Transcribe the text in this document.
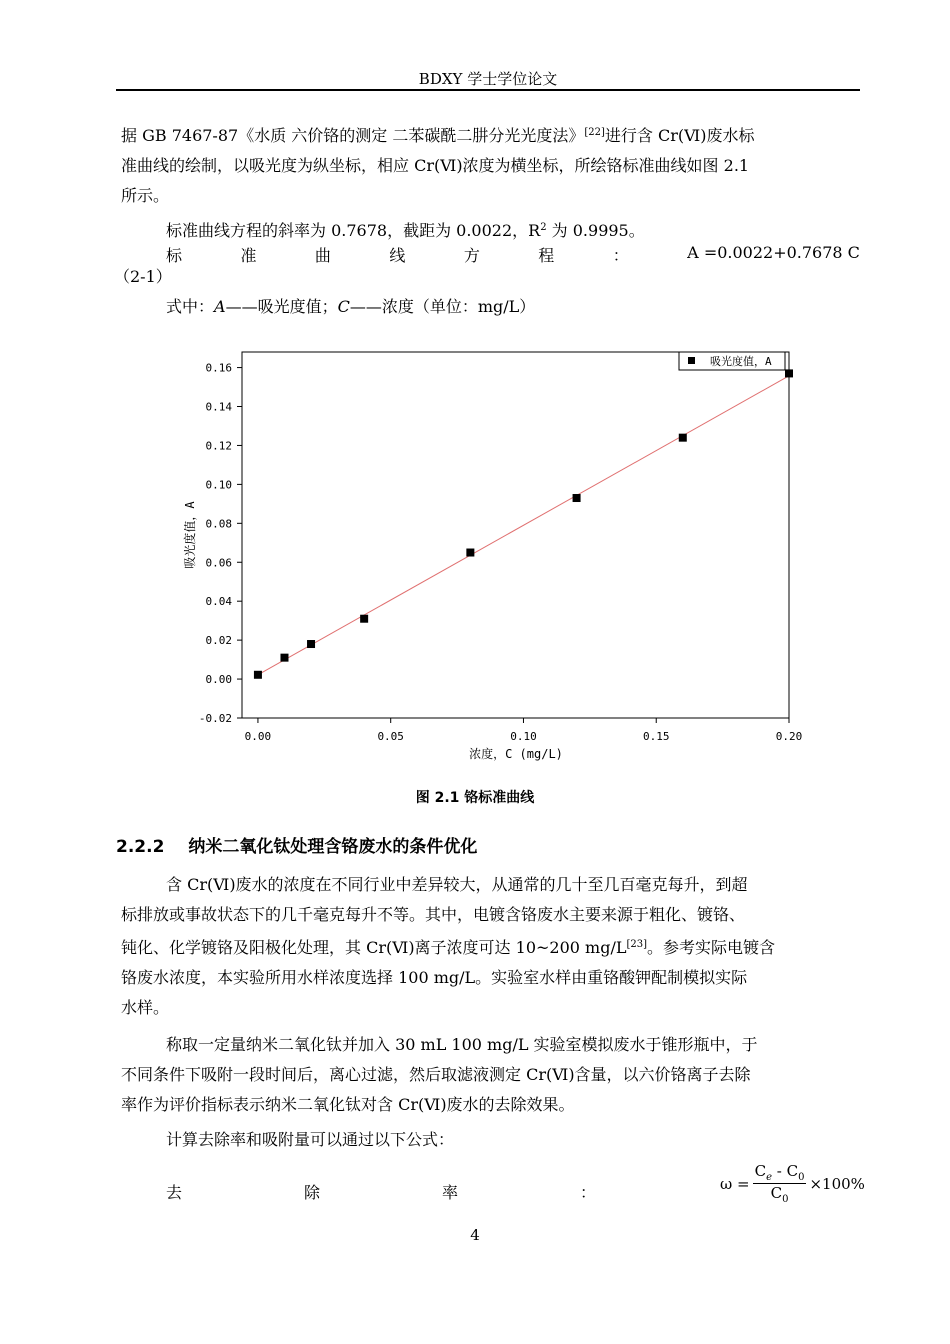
BDXY 学士学位论文
据 GB 7467-87《水质 六价铬的测定 二苯碳酰二肼分光光度法》[22]进行含 Cr(Ⅵ)废水标
准曲线的绘制，以吸光度为纵坐标，相应 Cr(Ⅵ)浓度为横坐标，所绘铬标准曲线如图 2.1
所示。
标准曲线方程的斜率为 0.7678，截距为 0.0022，$R^2$ 为 0.9995。
标	准	曲	线	方	程	：	A =0.0022+0.7678 C
（2-1）
式中：A——吸光度值；C——浓度（单位：mg/L）
-0.02
0.00
0.02
0.04
0.06
0.08
0.10
0.12
0.14
0.16
0.00	0.05	0.10	0.15	0.20
吸光度值，A
浓度，C (mg/L)
吸光度值，A
图 2.1 铬标准曲线
2.2.2 纳米二氧化钛处理含铬废水的条件优化
含 Cr(Ⅵ)废水的浓度在不同行业中差异较大，从通常的几十至几百毫克每升，到超
标排放或事故状态下的几千毫克每升不等。其中，电镀含铬废水主要来源于粗化、镀铬、
钝化、化学镀铬及阳极化处理，其 Cr(Ⅵ)离子浓度可达 10~200 mg/L[23]。参考实际电镀含
铬废水浓度，本实验所用水样浓度选择 100 mg/L。实验室水样由重铬酸钾配制模拟实际
水样。
称取一定量纳米二氧化钛并加入 30 mL 100 mg/L 实验室模拟废水于锥形瓶中，于
不同条件下吸附一段时间后，离心过滤，然后取滤液测定 Cr(Ⅵ)含量，以六价铬离子去除
率作为评价指标表示纳米二氧化钛对含 Cr(Ⅵ)废水的去除效果。
计算去除率和吸附量可以通过以下公式：
去	除	率	：	$\omega = \frac{C_e - C_0}{C_0} \times 100\%$
4
